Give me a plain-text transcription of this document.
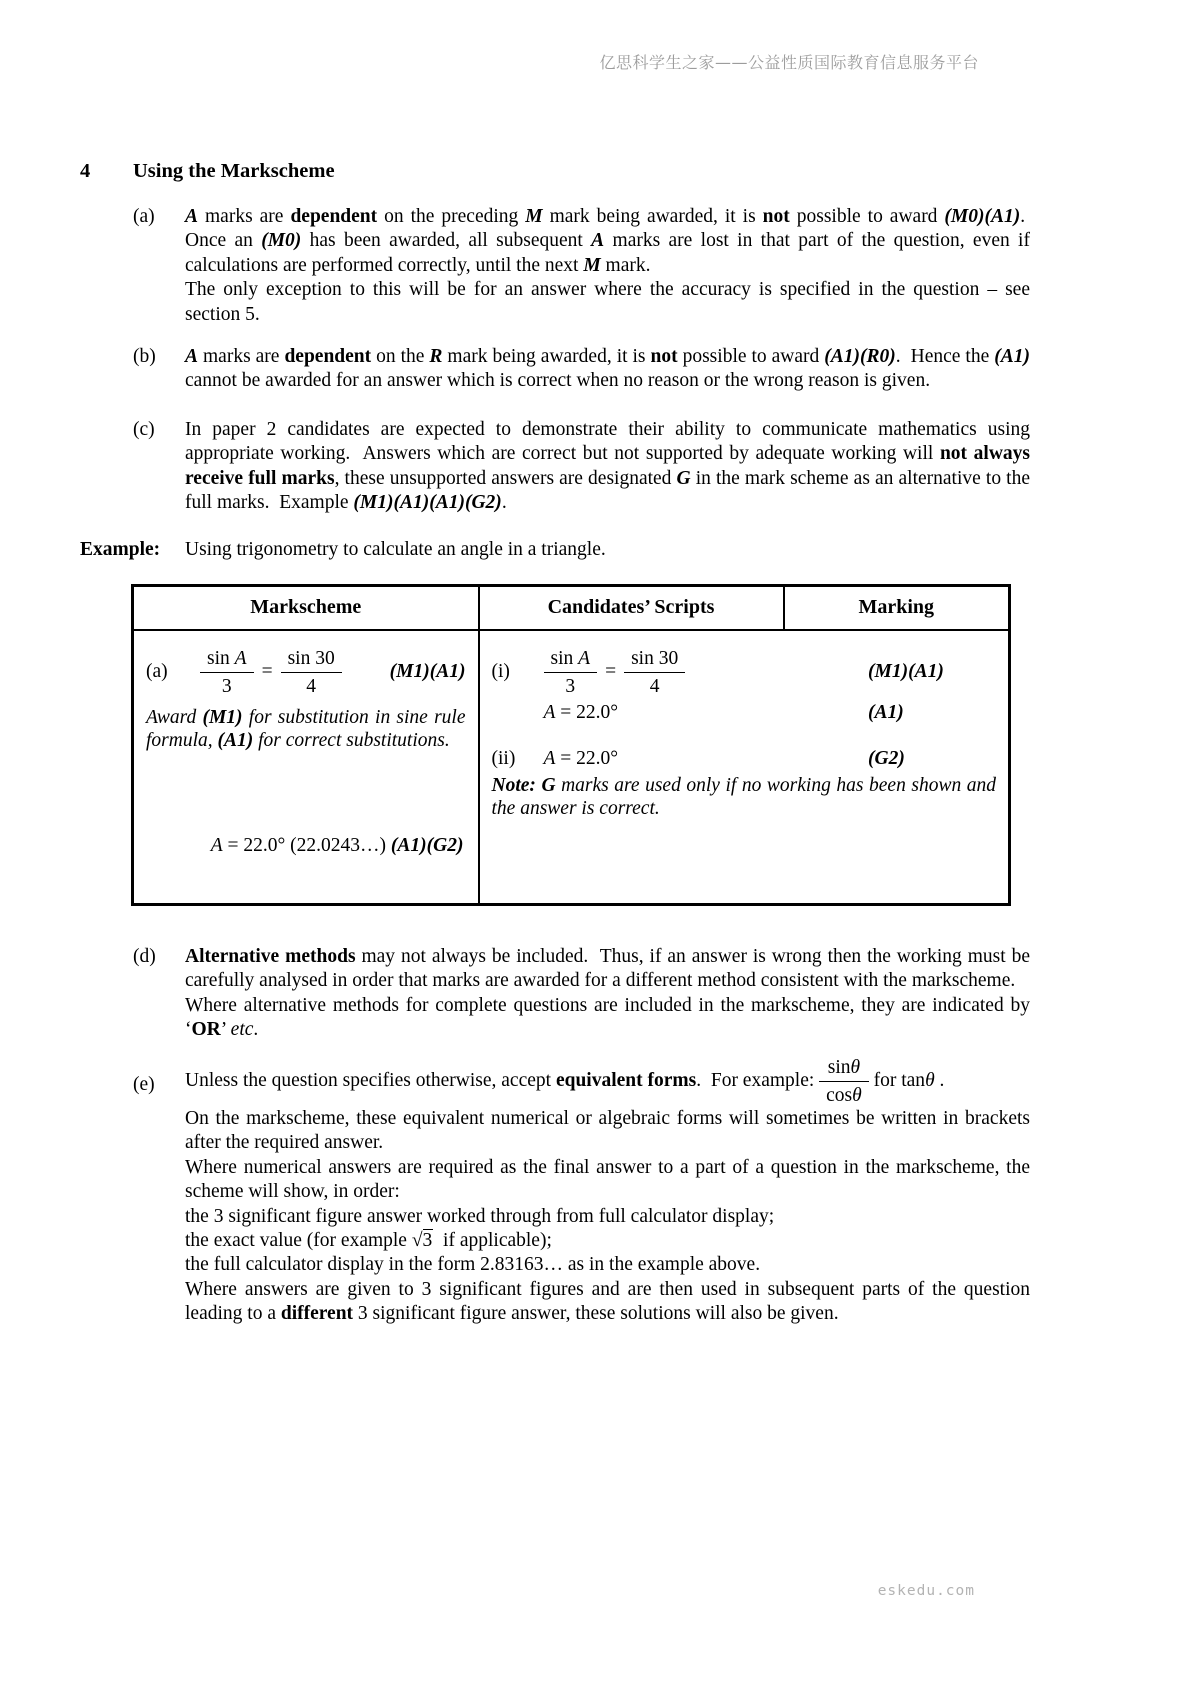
亿思科学生之家——公益性质国际教育信息服务平台
4 Using the Markscheme
(a)	A marks are dependent on the preceding M mark being awarded, it is not possible to award (M0)(A1).  Once an (M0) has been awarded, all subsequent A marks are lost in that part of the question, even if calculations are performed correctly, until the next M mark.
The only exception to this will be for an answer where the accuracy is specified in the question – see section 5.
(b)	A marks are dependent on the R mark being awarded, it is not possible to award (A1)(R0).  Hence the (A1) cannot be awarded for an answer which is correct when no reason or the wrong reason is given.
(c)	In paper 2 candidates are expected to demonstrate their ability to communicate mathematics using appropriate working.  Answers which are correct but not supported by adequate working will not always receive full marks, these unsupported answers are designated G in the mark scheme as an alternative to the full marks.  Example (M1)(A1)(A1)(G2).
Example:	Using trigonometry to calculate an angle in a triangle.
Markscheme	Candidates’ Scripts	Marking

(a)	$\frac{\text{sin A}}{3} = \frac{\sin 30}{4} (M1)(A1)$
Award (M1) for substitution in sine rule formula, (A1) for correct substitutions.
A = 22.0° (22.0243…) (A1)(G2)

(i)	$\frac{\text{sin A}}{3} = \frac{\sin 30}{4}$	(M1)(A1)
A = 22.0°	(A1)
(ii)	A = 22.0°	(G2)
Note: G marks are used only if no working has been shown and the answer is correct.
(d)	Alternative methods may not always be included.  Thus, if an answer is wrong then the working must be carefully analysed in order that marks are awarded for a different method consistent with the markscheme.
Where alternative methods for complete questions are included in the markscheme, they are indicated by ‘OR’ etc.
(e)	Unless the question specifies otherwise, accept equivalent forms.  For example: $\frac{\sin\theta}{\cos\theta}$ for tanθ .
On the markscheme, these equivalent numerical or algebraic forms will sometimes be written in brackets after the required answer.
Where numerical answers are required as the final answer to a part of a question in the markscheme, the scheme will show, in order:
the 3 significant figure answer worked through from full calculator display;
the exact value (for example √3  if applicable);
the full calculator display in the form 2.83163… as in the example above.
Where answers are given to 3 significant figures and are then used in subsequent parts of the question leading to a different 3 significant figure answer, these solutions will also be given.
eskedu.com
